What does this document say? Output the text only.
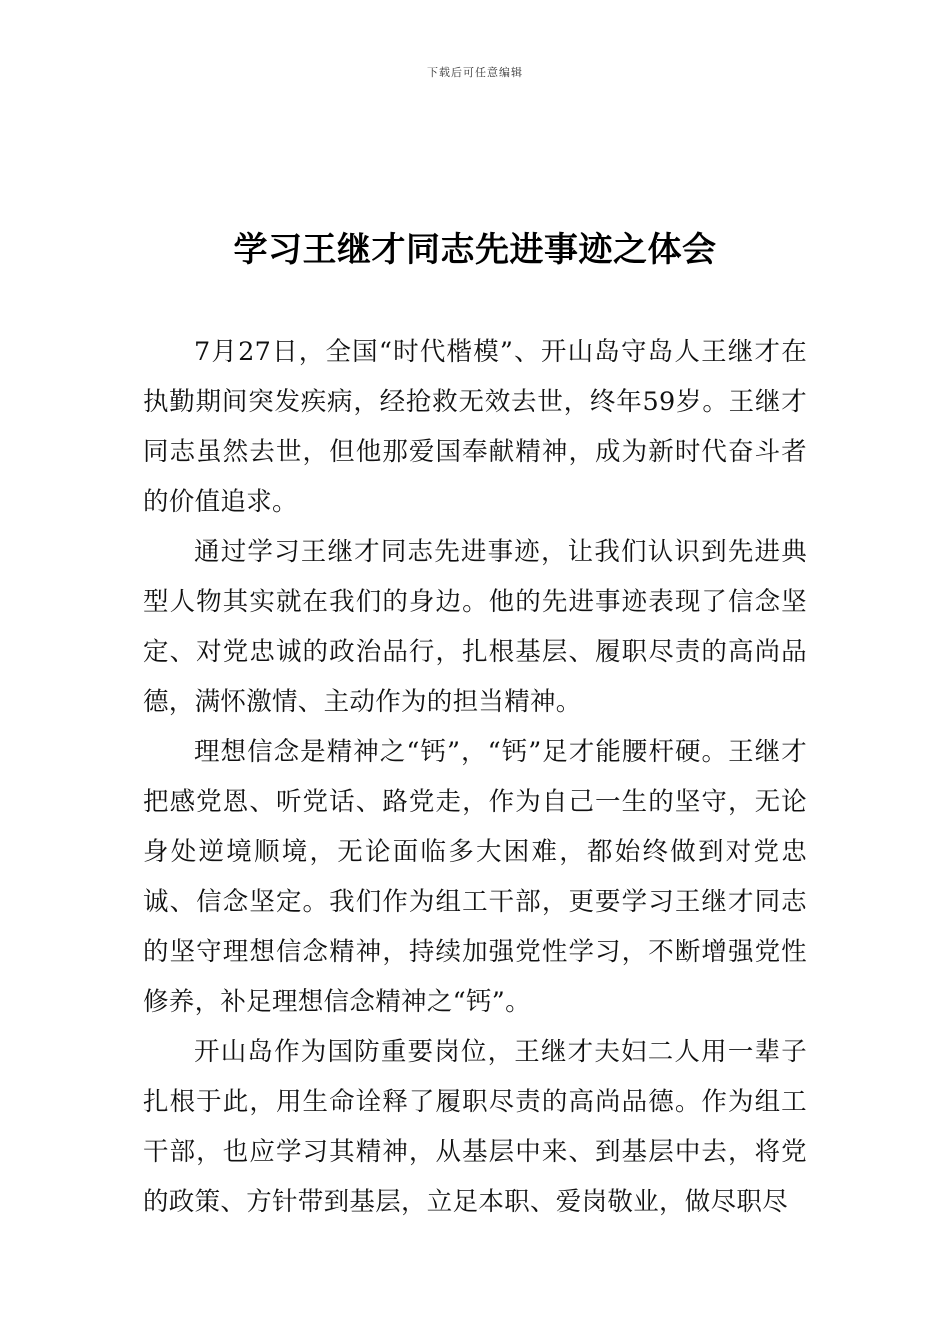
下载后可任意编辑
学习王继才同志先进事迹之体会

7月27日，全国“时代楷模”、开山岛守岛人王继才在执勤期间突发疾病，经抢救无效去世，终年59岁。王继才同志虽然去世，但他那爱国奉献精神，成为新时代奋斗者的价值追求。

通过学习王继才同志先进事迹，让我们认识到先进典型人物其实就在我们的身边。他的先进事迹表现了信念坚定、对党忠诚的政治品行，扎根基层、履职尽责的高尚品德，满怀激情、主动作为的担当精神。

理想信念是精神之“钙”，“钙”足才能腰杆硬。王继才把感党恩、听党话、路党走，作为自己一生的坚守，无论身处逆境顺境，无论面临多大困难，都始终做到对党忠诚、信念坚定。我们作为组工干部，更要学习王继才同志的坚守理想信念精神，持续加强党性学习，不断增强党性修养，补足理想信念精神之“钙”。

开山岛作为国防重要岗位，王继才夫妇二人用一辈子扎根于此，用生命诠释了履职尽责的高尚品德。作为组工干部，也应学习其精神，从基层中来、到基层中去，将党的政策、方针带到基层，立足本职、爱岗敬业，做尽职尽
